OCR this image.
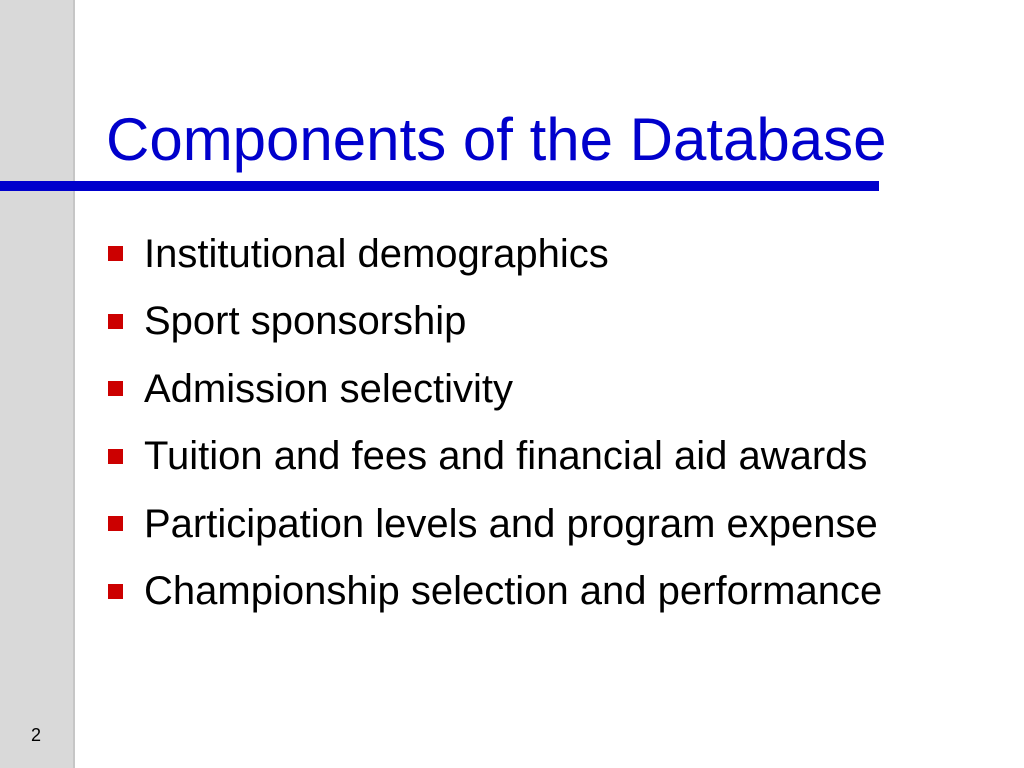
Components of the Database
Institutional demographics
Sport sponsorship
Admission selectivity
Tuition and fees and financial aid awards
Participation levels and program expense
Championship selection and performance
2
